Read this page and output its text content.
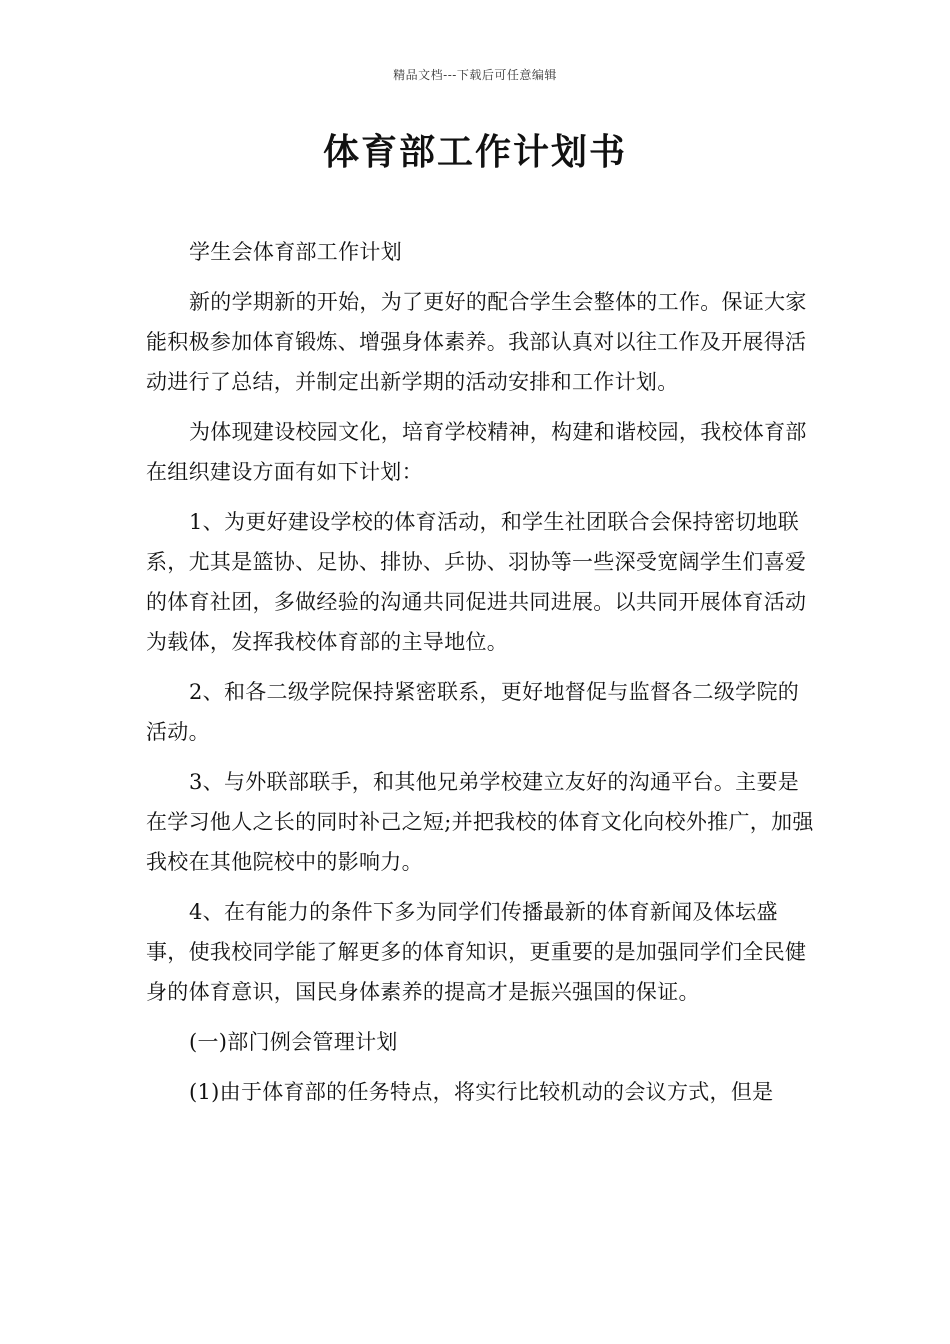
精品文档---下载后可任意编辑
体育部工作计划书

学生会体育部工作计划

新的学期新的开始，为了更好的配合学生会整体的工作。保证大家能积极参加体育锻炼、增强身体素养。我部认真对以往工作及开展得活动进行了总结，并制定出新学期的活动安排和工作计划。

为体现建设校园文化，培育学校精神，构建和谐校园，我校体育部在组织建设方面有如下计划：

1、为更好建设学校的体育活动，和学生社团联合会保持密切地联系，尤其是篮协、足协、排协、乒协、羽协等一些深受宽阔学生们喜爱的体育社团，多做经验的沟通共同促进共同进展。以共同开展体育活动为载体，发挥我校体育部的主导地位。

2、和各二级学院保持紧密联系，更好地督促与监督各二级学院的活动。

3、与外联部联手，和其他兄弟学校建立友好的沟通平台。主要是在学习他人之长的同时补己之短;并把我校的体育文化向校外推广，加强我校在其他院校中的影响力。

4、在有能力的条件下多为同学们传播最新的体育新闻及体坛盛事，使我校同学能了解更多的体育知识，更重要的是加强同学们全民健身的体育意识，国民身体素养的提高才是振兴强国的保证。

(一)部门例会管理计划

(1)由于体育部的任务特点，将实行比较机动的会议方式，但是
